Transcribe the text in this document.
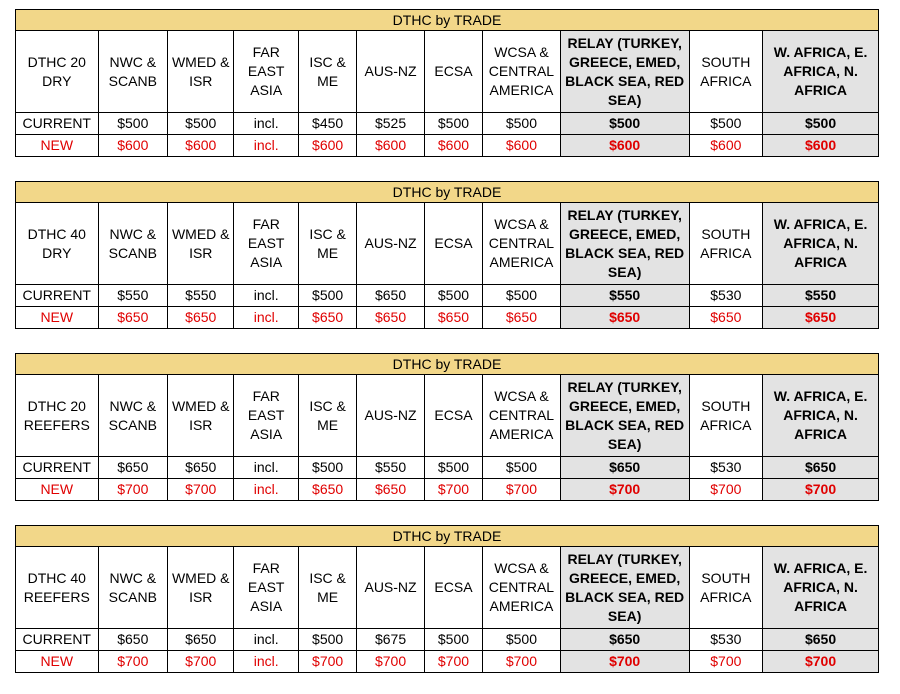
DTHC by TRADE										
DTHC 20 DRY	NWC & SCANB	WMED & ISR	FAR EAST ASIA	ISC & ME	AUS-NZ	ECSA	WCSA & CENTRAL AMERICA	RELAY (TURKEY, GREECE, EMED, BLACK SEA, RED SEA)	SOUTH AFRICA	W. AFRICA, E. AFRICA, N. AFRICA
CURRENT	$500	$500	incl.	$450	$525	$500	$500	$500	$500	$500
NEW	$600	$600	incl.	$600	$600	$600	$600	$600	$600	$600
DTHC by TRADE										
DTHC 40 DRY	NWC & SCANB	WMED & ISR	FAR EAST ASIA	ISC & ME	AUS-NZ	ECSA	WCSA & CENTRAL AMERICA	RELAY (TURKEY, GREECE, EMED, BLACK SEA, RED SEA)	SOUTH AFRICA	W. AFRICA, E. AFRICA, N. AFRICA
CURRENT	$550	$550	incl.	$500	$650	$500	$500	$550	$530	$550
NEW	$650	$650	incl.	$650	$650	$650	$650	$650	$650	$650
DTHC by TRADE										
DTHC 20 REEFERS	NWC & SCANB	WMED & ISR	FAR EAST ASIA	ISC & ME	AUS-NZ	ECSA	WCSA & CENTRAL AMERICA	RELAY (TURKEY, GREECE, EMED, BLACK SEA, RED SEA)	SOUTH AFRICA	W. AFRICA, E. AFRICA, N. AFRICA
CURRENT	$650	$650	incl.	$500	$550	$500	$500	$650	$530	$650
NEW	$700	$700	incl.	$650	$650	$700	$700	$700	$700	$700
DTHC by TRADE										
DTHC 40 REEFERS	NWC & SCANB	WMED & ISR	FAR EAST ASIA	ISC & ME	AUS-NZ	ECSA	WCSA & CENTRAL AMERICA	RELAY (TURKEY, GREECE, EMED, BLACK SEA, RED SEA)	SOUTH AFRICA	W. AFRICA, E. AFRICA, N. AFRICA
CURRENT	$650	$650	incl.	$500	$675	$500	$500	$650	$530	$650
NEW	$700	$700	incl.	$700	$700	$700	$700	$700	$700	$700
